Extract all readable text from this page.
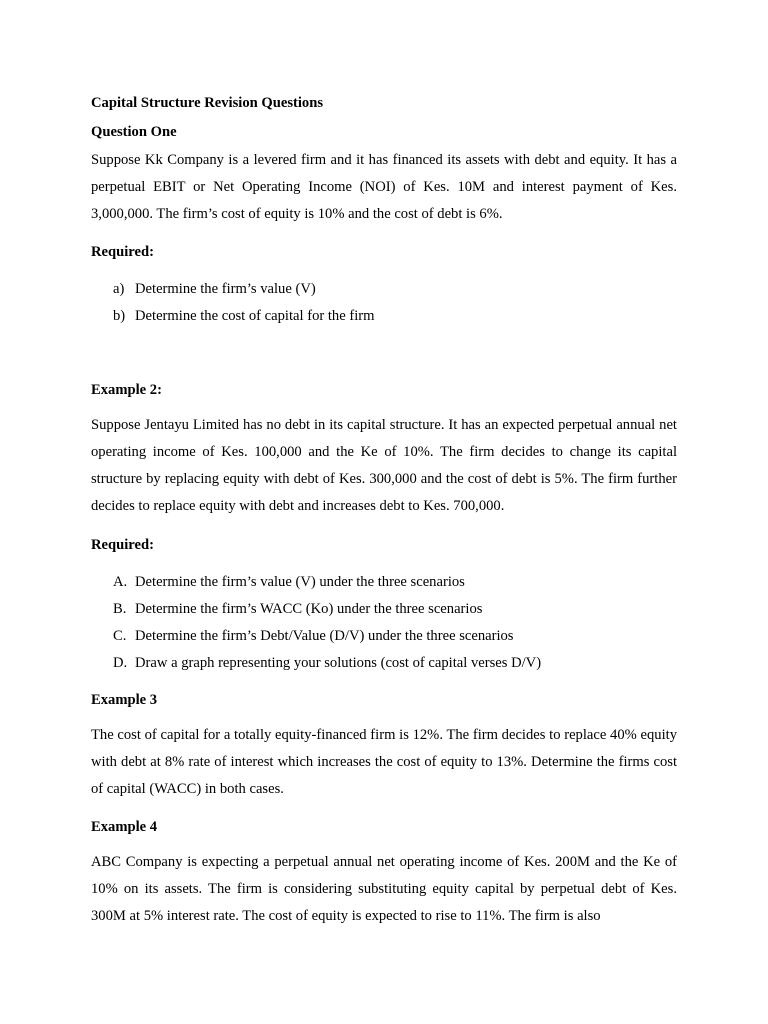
Capital Structure Revision Questions

Question One

Suppose Kk Company is a levered firm and it has financed its assets with debt and equity. It has a perpetual EBIT or Net Operating Income (NOI) of Kes. 10M and interest payment of Kes. 3,000,000. The firm’s cost of equity is 10% and the cost of debt is 6%.

Required:

a) Determine the firm’s value (V)
b) Determine the cost of capital for the firm

Example 2:

Suppose Jentayu Limited has no debt in its capital structure. It has an expected perpetual annual net operating income of Kes. 100,000 and the Ke of 10%. The firm decides to change its capital structure by replacing equity with debt of Kes. 300,000 and the cost of debt is 5%. The firm further decides to replace equity with debt and increases debt to Kes. 700,000.

Required:

A. Determine the firm’s value (V) under the three scenarios
B. Determine the firm’s WACC (Ko) under the three scenarios
C. Determine the firm’s Debt/Value (D/V) under the three scenarios
D. Draw a graph representing your solutions (cost of capital verses D/V)

Example 3

The cost of capital for a totally equity-financed firm is 12%. The firm decides to replace 40% equity with debt at 8% rate of interest which increases the cost of equity to 13%. Determine the firms cost of capital (WACC) in both cases.

Example 4

ABC Company is expecting a perpetual annual net operating income of Kes. 200M and the Ke of 10% on its assets. The firm is considering substituting equity capital by perpetual debt of Kes. 300M at 5% interest rate. The cost of equity is expected to rise to 11%. The firm is also
